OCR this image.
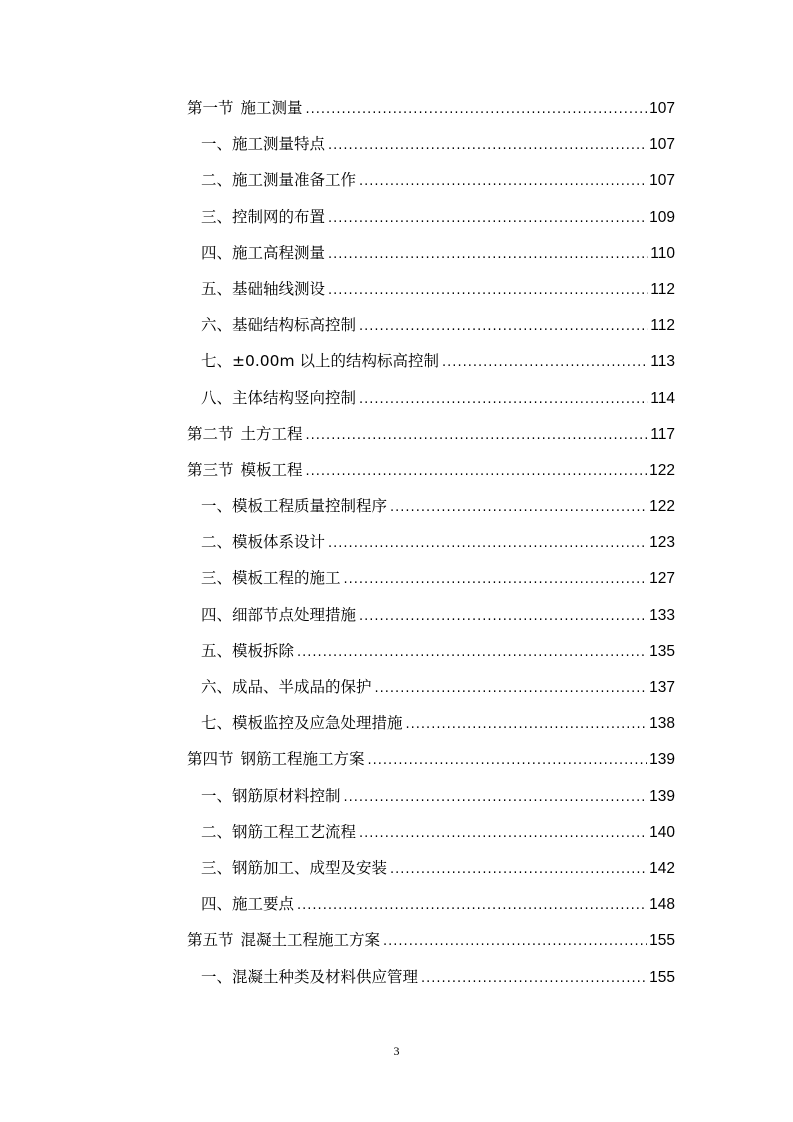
第一节 施工测量 .....	107
一、 施工测量特点 .....	107
二、 施工测量准备工作 .....	107
三、 控制网的布置 .....	109
四、 施工高程测量 .....	110
五、 基础轴线测设 .....	112
六、 基础结构标高控制 .....	112
七、 ±0.00m 以上的结构标高控制 .....	113
八、 主体结构竖向控制 .....	114
第二节 土方工程 .....	117
第三节 模板工程 .....	122
一、 模板工程质量控制程序 .....	122
二、 模板体系设计 .....	123
三、 模板工程的施工 .....	127
四、 细部节点处理措施 .....	133
五、 模板拆除 .....	135
六、 成品、半成品的保护 .....	137
七、 模板监控及应急处理措施 .....	138
第四节 钢筋工程施工方案 .....	139
一、 钢筋原材料控制 .....	139
二、 钢筋工程工艺流程 .....	140
三、 钢筋加工、成型及安装 .....	142
四、 施工要点 .....	148
第五节 混凝土工程施工方案 .....	155
一、 混凝土种类及材料供应管理 .....	155
3
